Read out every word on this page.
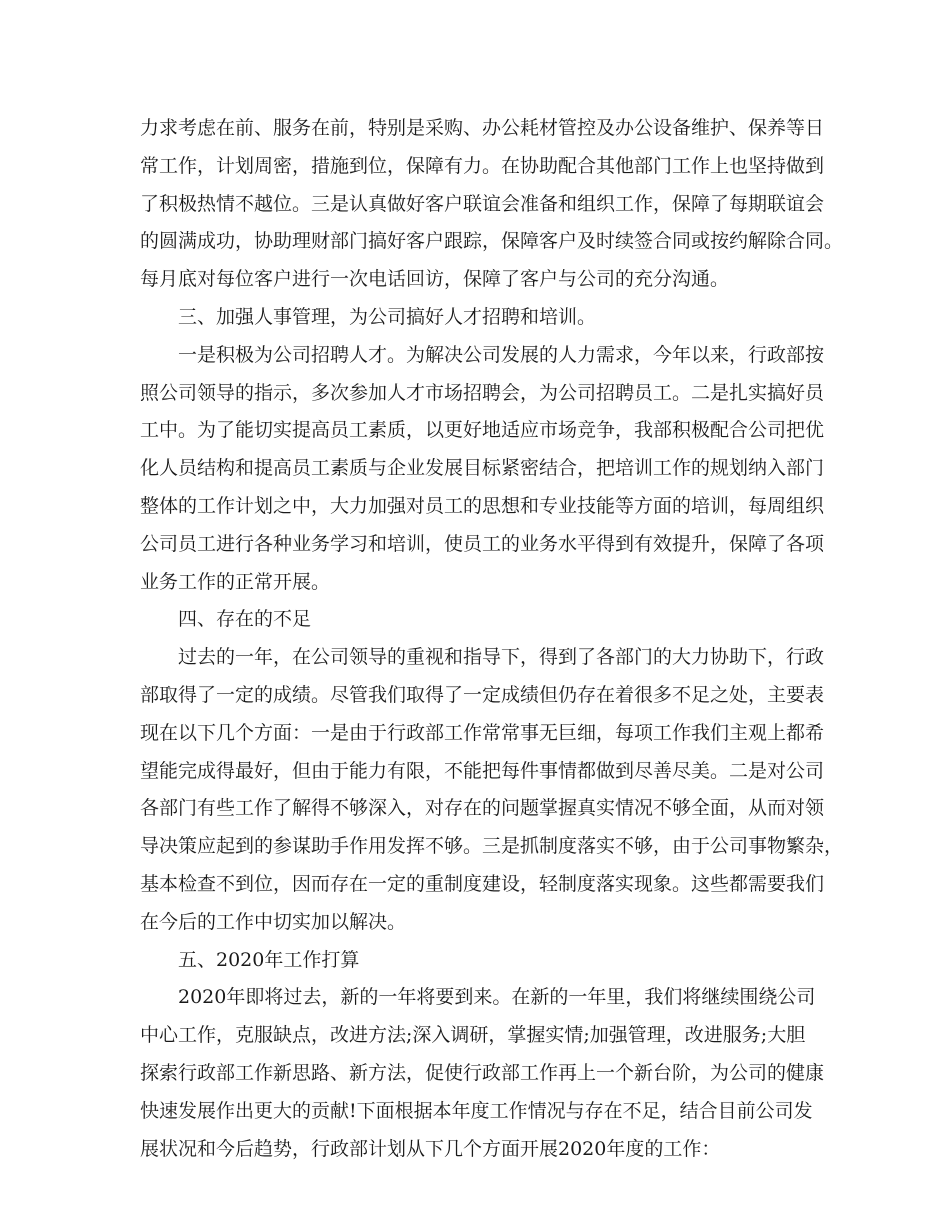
力求考虑在前、服务在前，特别是采购、办公耗材管控及办公设备维护、保养等日
常工作，计划周密，措施到位，保障有力。在协助配合其他部门工作上也坚持做到
了积极热情不越位。三是认真做好客户联谊会准备和组织工作，保障了每期联谊会
的圆满成功，协助理财部门搞好客户跟踪，保障客户及时续签合同或按约解除合同。
每月底对每位客户进行一次电话回访，保障了客户与公司的充分沟通。
三、加强人事管理，为公司搞好人才招聘和培训。
一是积极为公司招聘人才。为解决公司发展的人力需求，今年以来，行政部按
照公司领导的指示，多次参加人才市场招聘会，为公司招聘员工。二是扎实搞好员
工中。为了能切实提高员工素质，以更好地适应市场竞争，我部积极配合公司把优
化人员结构和提高员工素质与企业发展目标紧密结合，把培训工作的规划纳入部门
整体的工作计划之中，大力加强对员工的思想和专业技能等方面的培训，每周组织
公司员工进行各种业务学习和培训，使员工的业务水平得到有效提升，保障了各项
业务工作的正常开展。
四、存在的不足
过去的一年，在公司领导的重视和指导下，得到了各部门的大力协助下，行政
部取得了一定的成绩。尽管我们取得了一定成绩但仍存在着很多不足之处，主要表
现在以下几个方面：一是由于行政部工作常常事无巨细，每项工作我们主观上都希
望能完成得最好，但由于能力有限，不能把每件事情都做到尽善尽美。二是对公司
各部门有些工作了解得不够深入，对存在的问题掌握真实情况不够全面，从而对领
导决策应起到的参谋助手作用发挥不够。三是抓制度落实不够，由于公司事物繁杂，
基本检查不到位，因而存在一定的重制度建设，轻制度落实现象。这些都需要我们
在今后的工作中切实加以解决。
五、2020年工作打算
2020年即将过去，新的一年将要到来。在新的一年里，我们将继续围绕公司
中心工作，克服缺点，改进方法;深入调研，掌握实情;加强管理，改进服务;大胆
探索行政部工作新思路、新方法，促使行政部工作再上一个新台阶，为公司的健康
快速发展作出更大的贡献!下面根据本年度工作情况与存在不足，结合目前公司发
展状况和今后趋势，行政部计划从下几个方面开展2020年度的工作：
